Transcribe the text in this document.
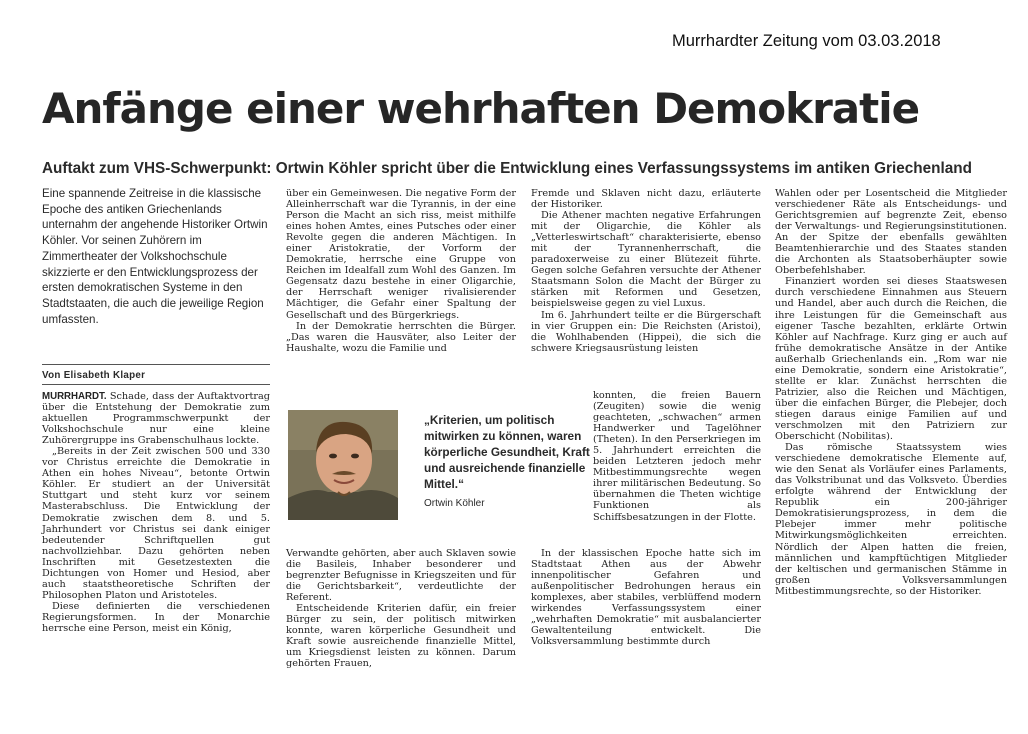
Murrhardter Zeitung vom 03.03.2018
Anfänge einer wehrhaften Demokratie
Auftakt zum VHS-Schwerpunkt: Ortwin Köhler spricht über die Entwicklung eines Verfassungssystems im antiken Griechenland
Eine spannende Zeitreise in die klassische Epoche des antiken Griechenlands unternahm der angehende Historiker Ortwin Köhler. Vor seinen Zuhörern im Zimmertheater der Volkshochschule skizzierte er den Entwicklungsprozess der ersten demokratischen Systeme in den Stadtstaaten, die auch die jeweilige Region umfassten.
Von Elisabeth Klaper

MURRHARDT. Schade, dass der Auftaktvortrag über die Entstehung der Demokratie zum aktuellen Programmschwerpunkt der Volkshochschule nur eine kleine Zuhörergruppe ins Grabenschulhaus lockte.

„Bereits in der Zeit zwischen 500 und 330 vor Christus erreichte die Demokratie in Athen ein hohes Niveau“, betonte Ortwin Köhler. Er studiert an der Universität Stuttgart und steht kurz vor seinem Masterabschluss. Die Entwicklung der Demokratie zwischen dem 8. und 5. Jahrhundert vor Christus sei dank einiger bedeutender Schriftquellen gut nachvollziehbar. Dazu gehörten neben Inschriften mit Gesetzestexten die Dichtungen von Homer und Hesiod, aber auch staatstheoretische Schriften der Philosophen Platon und Aristoteles.

Diese definierten die verschiedenen Regierungsformen. In der Monarchie herrsche eine Person, meist ein König,

über ein Gemeinwesen. Die negative Form der Alleinherrschaft war die Tyrannis, in der eine Person die Macht an sich riss, meist mithilfe eines hohen Amtes, eines Putsches oder einer Revolte gegen die anderen Mächtigen. In einer Aristokratie, der Vorform der Demokratie, herrsche eine Gruppe von Reichen im Idealfall zum Wohl des Ganzen. Im Gegensatz dazu bestehe in einer Oligarchie, der Herrschaft weniger rivalisierender Mächtiger, die Gefahr einer Spaltung der Gesellschaft und des Bürgerkriegs.

In der Demokratie herrschten die Bürger. „Das waren die Hausväter, also Leiter der Haushalte, wozu die Familie und

„Kriterien, um politisch mitwirken zu können, waren körperliche Gesundheit, Kraft und ausreichende finanzielle Mittel.“
Ortwin Köhler

Verwandte gehörten, aber auch Sklaven sowie die Basileis, Inhaber besonderer und begrenzter Befugnisse in Kriegszeiten und für die Gerichtsbarkeit“, verdeutlichte der Referent.

Entscheidende Kriterien dafür, ein freier Bürger zu sein, der politisch mitwirken konnte, waren körperliche Gesundheit und Kraft sowie ausreichende finanzielle Mittel, um Kriegsdienst leisten zu können. Darum gehörten Frauen,

Fremde und Sklaven nicht dazu, erläuterte der Historiker.

Die Athener machten negative Erfahrungen mit der Oligarchie, die Köhler als „Vetterleswirtschaft“ charakterisierte, ebenso mit der Tyrannenherrschaft, die paradoxerweise zu einer Blütezeit führte. Gegen solche Gefahren versuchte der Athener Staatsmann Solon die Macht der Bürger zu stärken mit Reformen und Gesetzen, beispielsweise gegen zu viel Luxus.

Im 6. Jahrhundert teilte er die Bürgerschaft in vier Gruppen ein: Die Reichsten (Aristoi), die Wohlhabenden (Hippei), die sich die schwere Kriegsausrüstung leisten

konnten, die freien Bauern (Zeugiten) sowie die wenig geachteten, „schwachen“ armen Handwerker und Tagelöhner (Theten). In den Perserkriegen im 5. Jahrhundert erreichten die beiden Letzteren jedoch mehr Mitbestimmungsrechte wegen ihrer militärischen Bedeutung. So übernahmen die Theten wichtige Funktionen als Schiffsbesatzungen in der Flotte.

In der klassischen Epoche hatte sich im Stadtstaat Athen aus der Abwehr innenpolitischer Gefahren und außenpolitischer Bedrohungen heraus ein komplexes, aber stabiles, verblüffend modern wirkendes Verfassungssystem einer „wehrhaften Demokratie“ mit ausbalancierter Gewaltenteilung entwickelt. Die Volksversammlung bestimmte durch

Wahlen oder per Losentscheid die Mitglieder verschiedener Räte als Entscheidungs- und Gerichtsgremien auf begrenzte Zeit, ebenso der Verwaltungs- und Regierungsinstitutionen. An der Spitze der ebenfalls gewählten Beamtenhierarchie und des Staates standen die Archonten als Staatsoberhäupter sowie Oberbefehlshaber.

Finanziert worden sei dieses Staatswesen durch verschiedene Einnahmen aus Steuern und Handel, aber auch durch die Reichen, die ihre Leistungen für die Gemeinschaft aus eigener Tasche bezahlten, erklärte Ortwin Köhler auf Nachfrage. Kurz ging er auch auf frühe demokratische Ansätze in der Antike außerhalb Griechenlands ein. „Rom war nie eine Demokratie, sondern eine Aristokratie“, stellte er klar. Zunächst herrschten die Patrizier, also die Reichen und Mächtigen, über die einfachen Bürger, die Plebejer, doch stiegen daraus einige Familien auf und verschmolzen mit den Patriziern zur Oberschicht (Nobilitas).

Das römische Staatssystem wies verschiedene demokratische Elemente auf, wie den Senat als Vorläufer eines Parlaments, das Volkstribunat und das Volksveto. Überdies erfolgte während der Entwicklung der Republik ein 200-jähriger Demokratisierungsprozess, in dem die Plebejer immer mehr politische Mitwirkungsmöglichkeiten erreichten. Nördlich der Alpen hatten die freien, männlichen und kampftüchtigen Mitglieder der keltischen und germanischen Stämme in großen Volksversammlungen Mitbestimmungsrechte, so der Historiker.
